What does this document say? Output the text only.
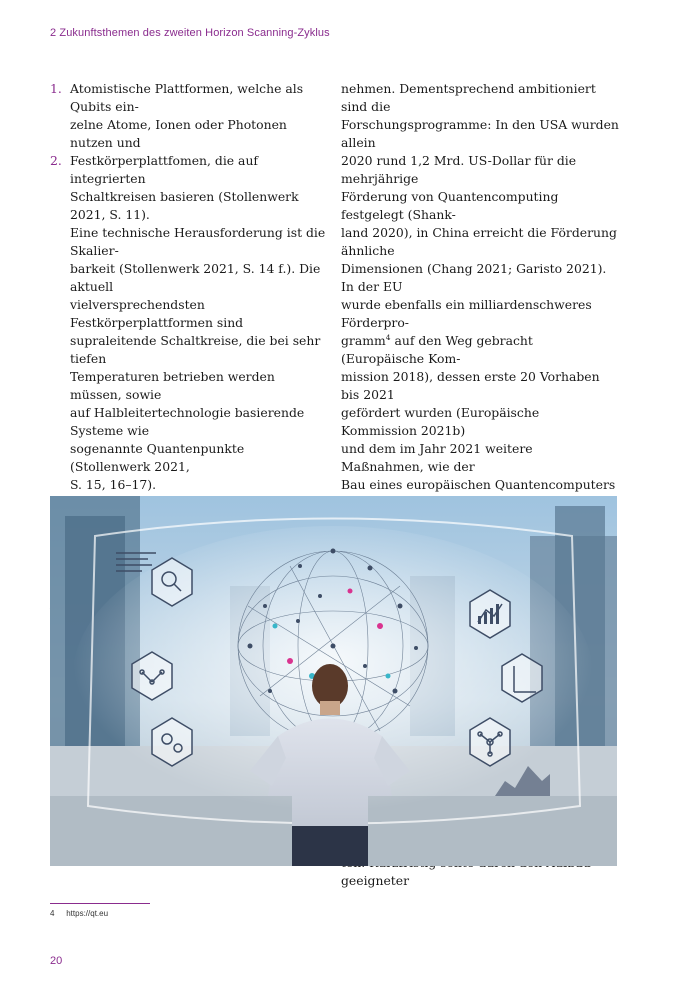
2 Zukunftsthemen des zweiten Horizon Scanning-Zyklus
1. Atomistische Plattformen, welche als Qubits ein-
zelne Atome, Ionen oder Photonen nutzen und
2. Festkörperplattfomen, die auf integrierten
Schaltkreisen basieren (Stollenwerk 2021, S. 11).
Eine technische Herausforderung ist die Skalier-
barkeit (Stollenwerk 2021, S. 14 f.). Die aktuell
vielversprechendsten Festkörperplattformen sind
supraleitende Schaltkreise, die bei sehr tiefen
Temperaturen betrieben werden müssen, sowie
auf Halbleitertechnologie basierende Systeme wie
sogenannte Quantenpunkte (Stollenwerk 2021,
S. 15, 16–17).
nehmen. Dementsprechend ambitioniert sind die
Forschungsprogramme: In den USA wurden allein
2020 rund 1,2 Mrd. US-Dollar für die mehrjährige
Förderung von Quantencomputing festgelegt (Shank-
land 2020), in China erreicht die Förderung ähnliche
Dimensionen (Chang 2021; Garisto 2021). In der EU
wurde ebenfalls ein milliardenschweres Förderpro-
gramm$^4$ auf den Weg gebracht (Europäische Kom-
mission 2018), dessen erste 20 Vorhaben bis 2021
gefördert wurden (Europäische Kommission 2021b)
und dem im Jahr 2021 weitere Maßnahmen, wie der
Bau eines europäischen Quantencomputers
geeigneter
4 https://qt.eu
20
